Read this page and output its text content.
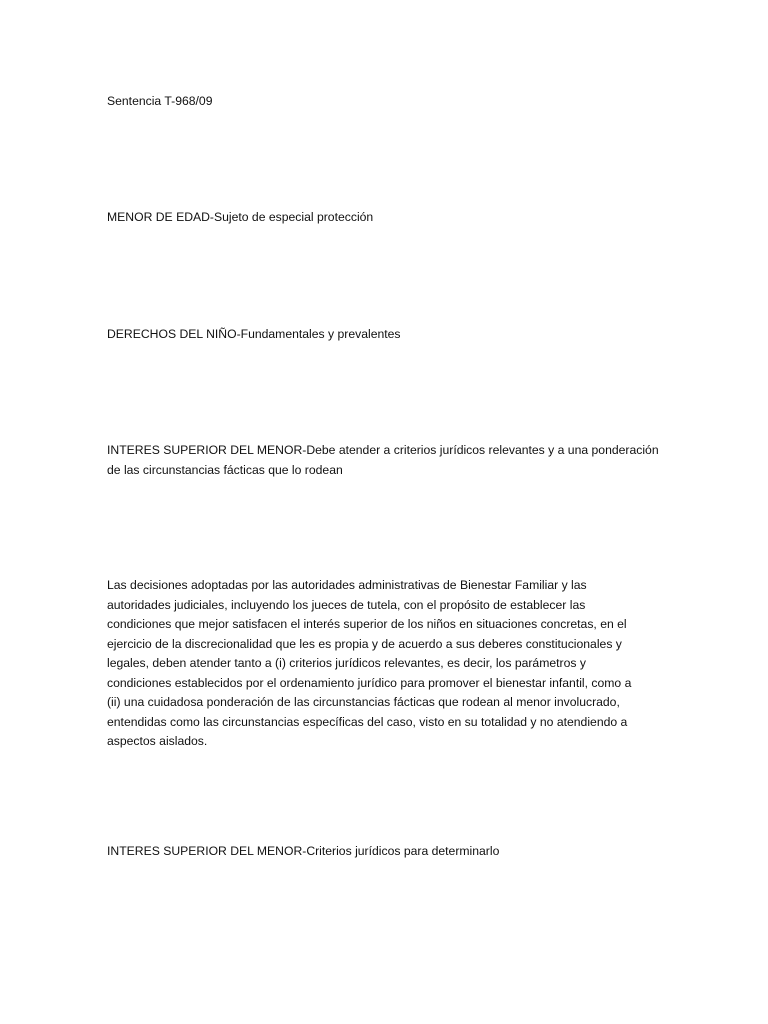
Sentencia T-968/09

MENOR DE EDAD-Sujeto de especial protección

DERECHOS DEL NIÑO-Fundamentales y prevalentes

INTERES SUPERIOR DEL MENOR-Debe atender a criterios jurídicos relevantes y a una ponderación
de las circunstancias fácticas que lo rodean
Las decisiones adoptadas por las autoridades administrativas de Bienestar Familiar y las
autoridades judiciales, incluyendo los jueces de tutela, con el propósito de establecer las
condiciones que mejor satisfacen el interés superior de los niños en situaciones concretas, en el
ejercicio de la discrecionalidad que les es propia y de acuerdo a sus deberes constitucionales y
legales, deben atender tanto a (i) criterios jurídicos relevantes, es decir, los parámetros y
condiciones establecidos por el ordenamiento jurídico para promover el bienestar infantil, como a
(ii) una cuidadosa ponderación de las circunstancias fácticas que rodean al menor involucrado,
entendidas como las circunstancias específicas del caso, visto en su totalidad y no atendiendo a
aspectos aislados.

INTERES SUPERIOR DEL MENOR-Criterios jurídicos para determinarlo
